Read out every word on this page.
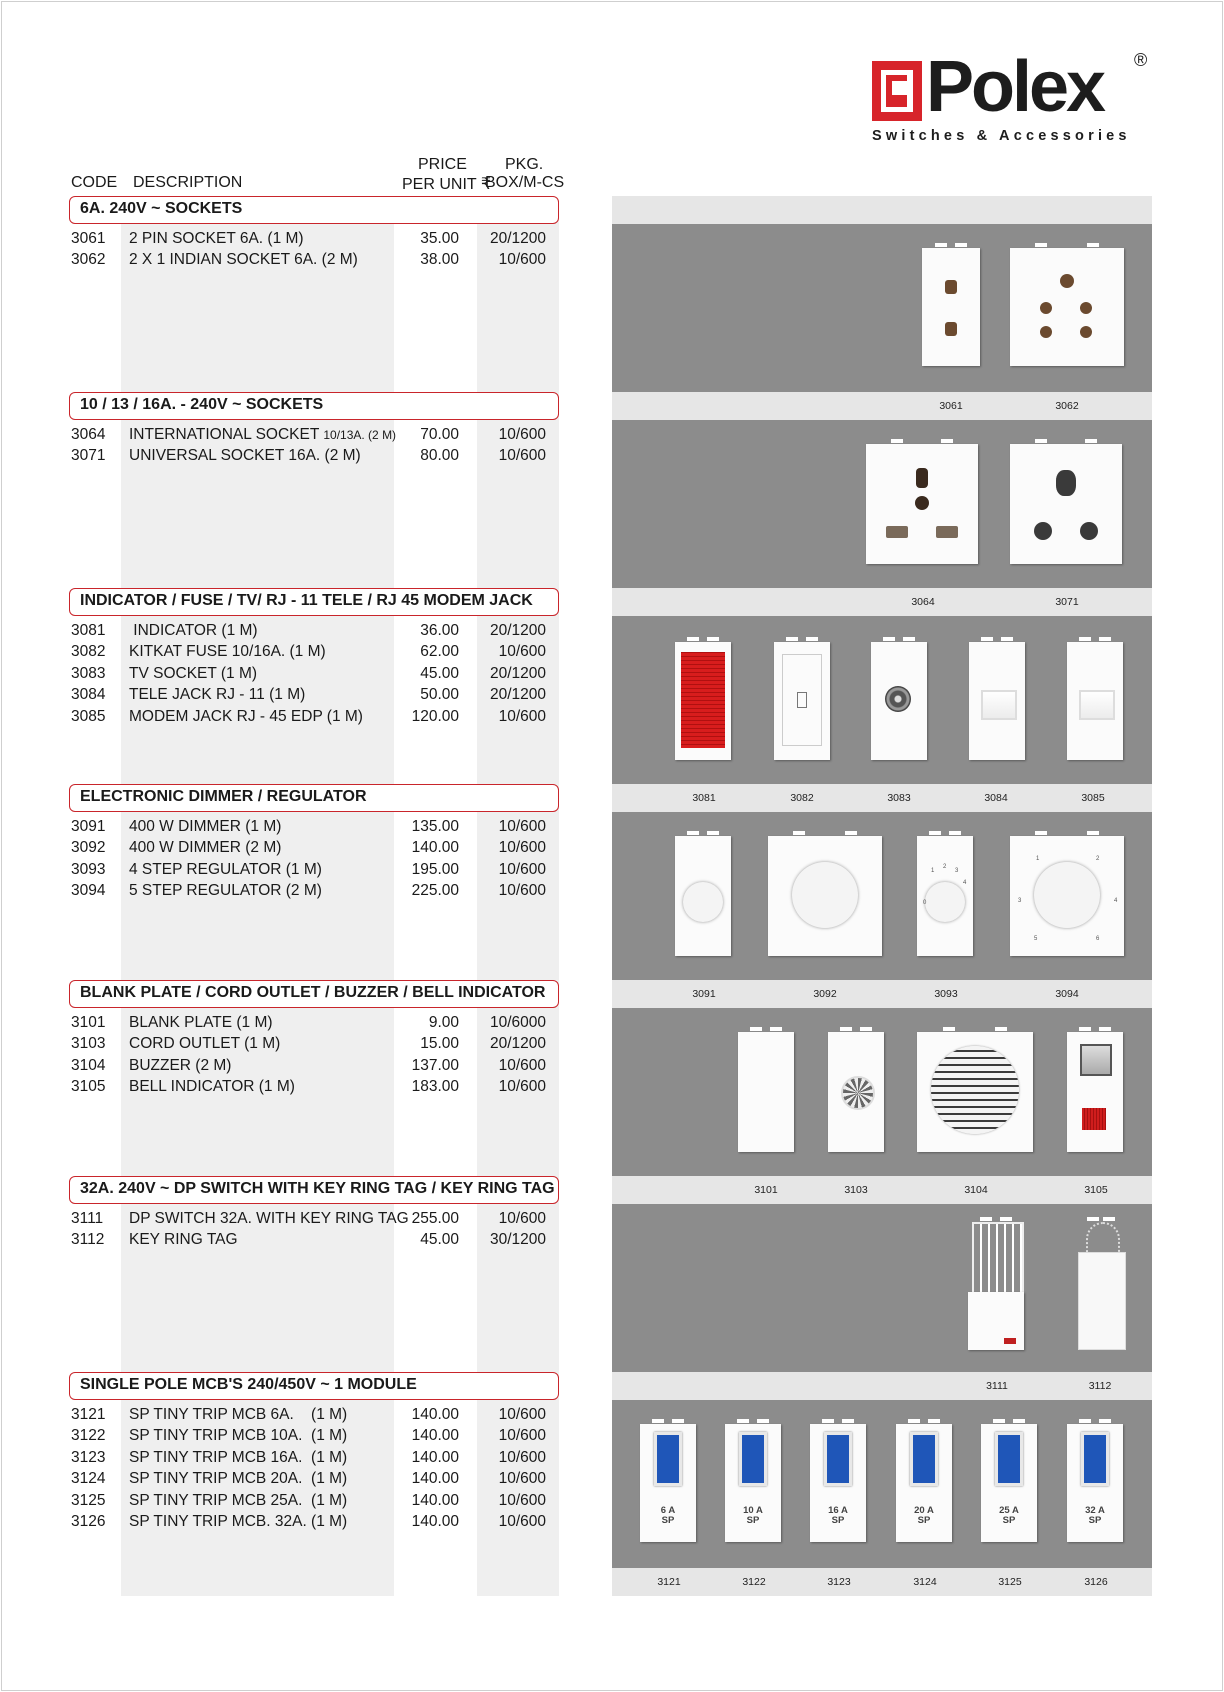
Polex ®
Switches & Accessories
CODE DESCRIPTION
PRICE
PER UNIT ₹
PKG.
BOX/M-CS
6A. 240V ~ SOCKETS
3061 2 PIN SOCKET 6A. (1 M)	35.00	20/1200
3062 2 X 1 INDIAN SOCKET 6A. (2 M)	38.00	10/600
10 / 13 / 16A. - 240V ~ SOCKETS
3064 INTERNATIONAL SOCKET 10/13A. (2 M)	70.00	10/600
3071 UNIVERSAL SOCKET 16A. (2 M)	80.00	10/600
INDICATOR / FUSE / TV/ RJ - 11 TELE / RJ 45 MODEM JACK
3081 INDICATOR (1 M)	36.00	20/1200
3082 KITKAT FUSE 10/16A. (1 M)	62.00	10/600
3083 TV SOCKET (1 M)	45.00	20/1200
3084 TELE JACK RJ - 11 (1 M)	50.00	20/1200
3085 MODEM JACK RJ - 45 EDP (1 M)	120.00	10/600
ELECTRONIC DIMMER / REGULATOR
3091 400 W DIMMER (1 M)	135.00	10/600
3092 400 W DIMMER (2 M)	140.00	10/600
3093 4 STEP REGULATOR (1 M)	195.00	10/600
3094 5 STEP REGULATOR (2 M)	225.00	10/600
BLANK PLATE / CORD OUTLET / BUZZER / BELL INDICATOR
3101 BLANK PLATE (1 M)	9.00	10/6000
3103 CORD OUTLET (1 M)	15.00	20/1200
3104 BUZZER (2 M)	137.00	10/600
3105 BELL INDICATOR (1 M)	183.00	10/600
32A. 240V ~ DP SWITCH WITH KEY RING TAG / KEY RING TAG
3111 DP SWITCH 32A. WITH KEY RING TAG 255.00	10/600
3112 KEY RING TAG	45.00	30/1200
SINGLE POLE MCB'S 240/450V ~ 1 MODULE
3121 SP TINY TRIP MCB 6A.    (1 M)	140.00	10/600
3122 SP TINY TRIP MCB 10A.  (1 M)	140.00	10/600
3123 SP TINY TRIP MCB 16A.  (1 M)	140.00	10/600
3124 SP TINY TRIP MCB 20A.  (1 M)	140.00	10/600
3125 SP TINY TRIP MCB 25A.  (1 M)	140.00	10/600
3126 SP TINY TRIP MCB. 32A. (1 M)	140.00	10/600
3061	3062
3064	3071
3081	3082	3083	3084	3085
3091	3092	3093	3094
3101	3103	3104	3105
3111	3112
3121	3122	3123	3124	3125	3126
1
2
3
4
0
1	2
3	4
5	6
6 A
SP
10 A
SP
16 A
SP
20 A
SP
25 A
SP
32 A
SP
